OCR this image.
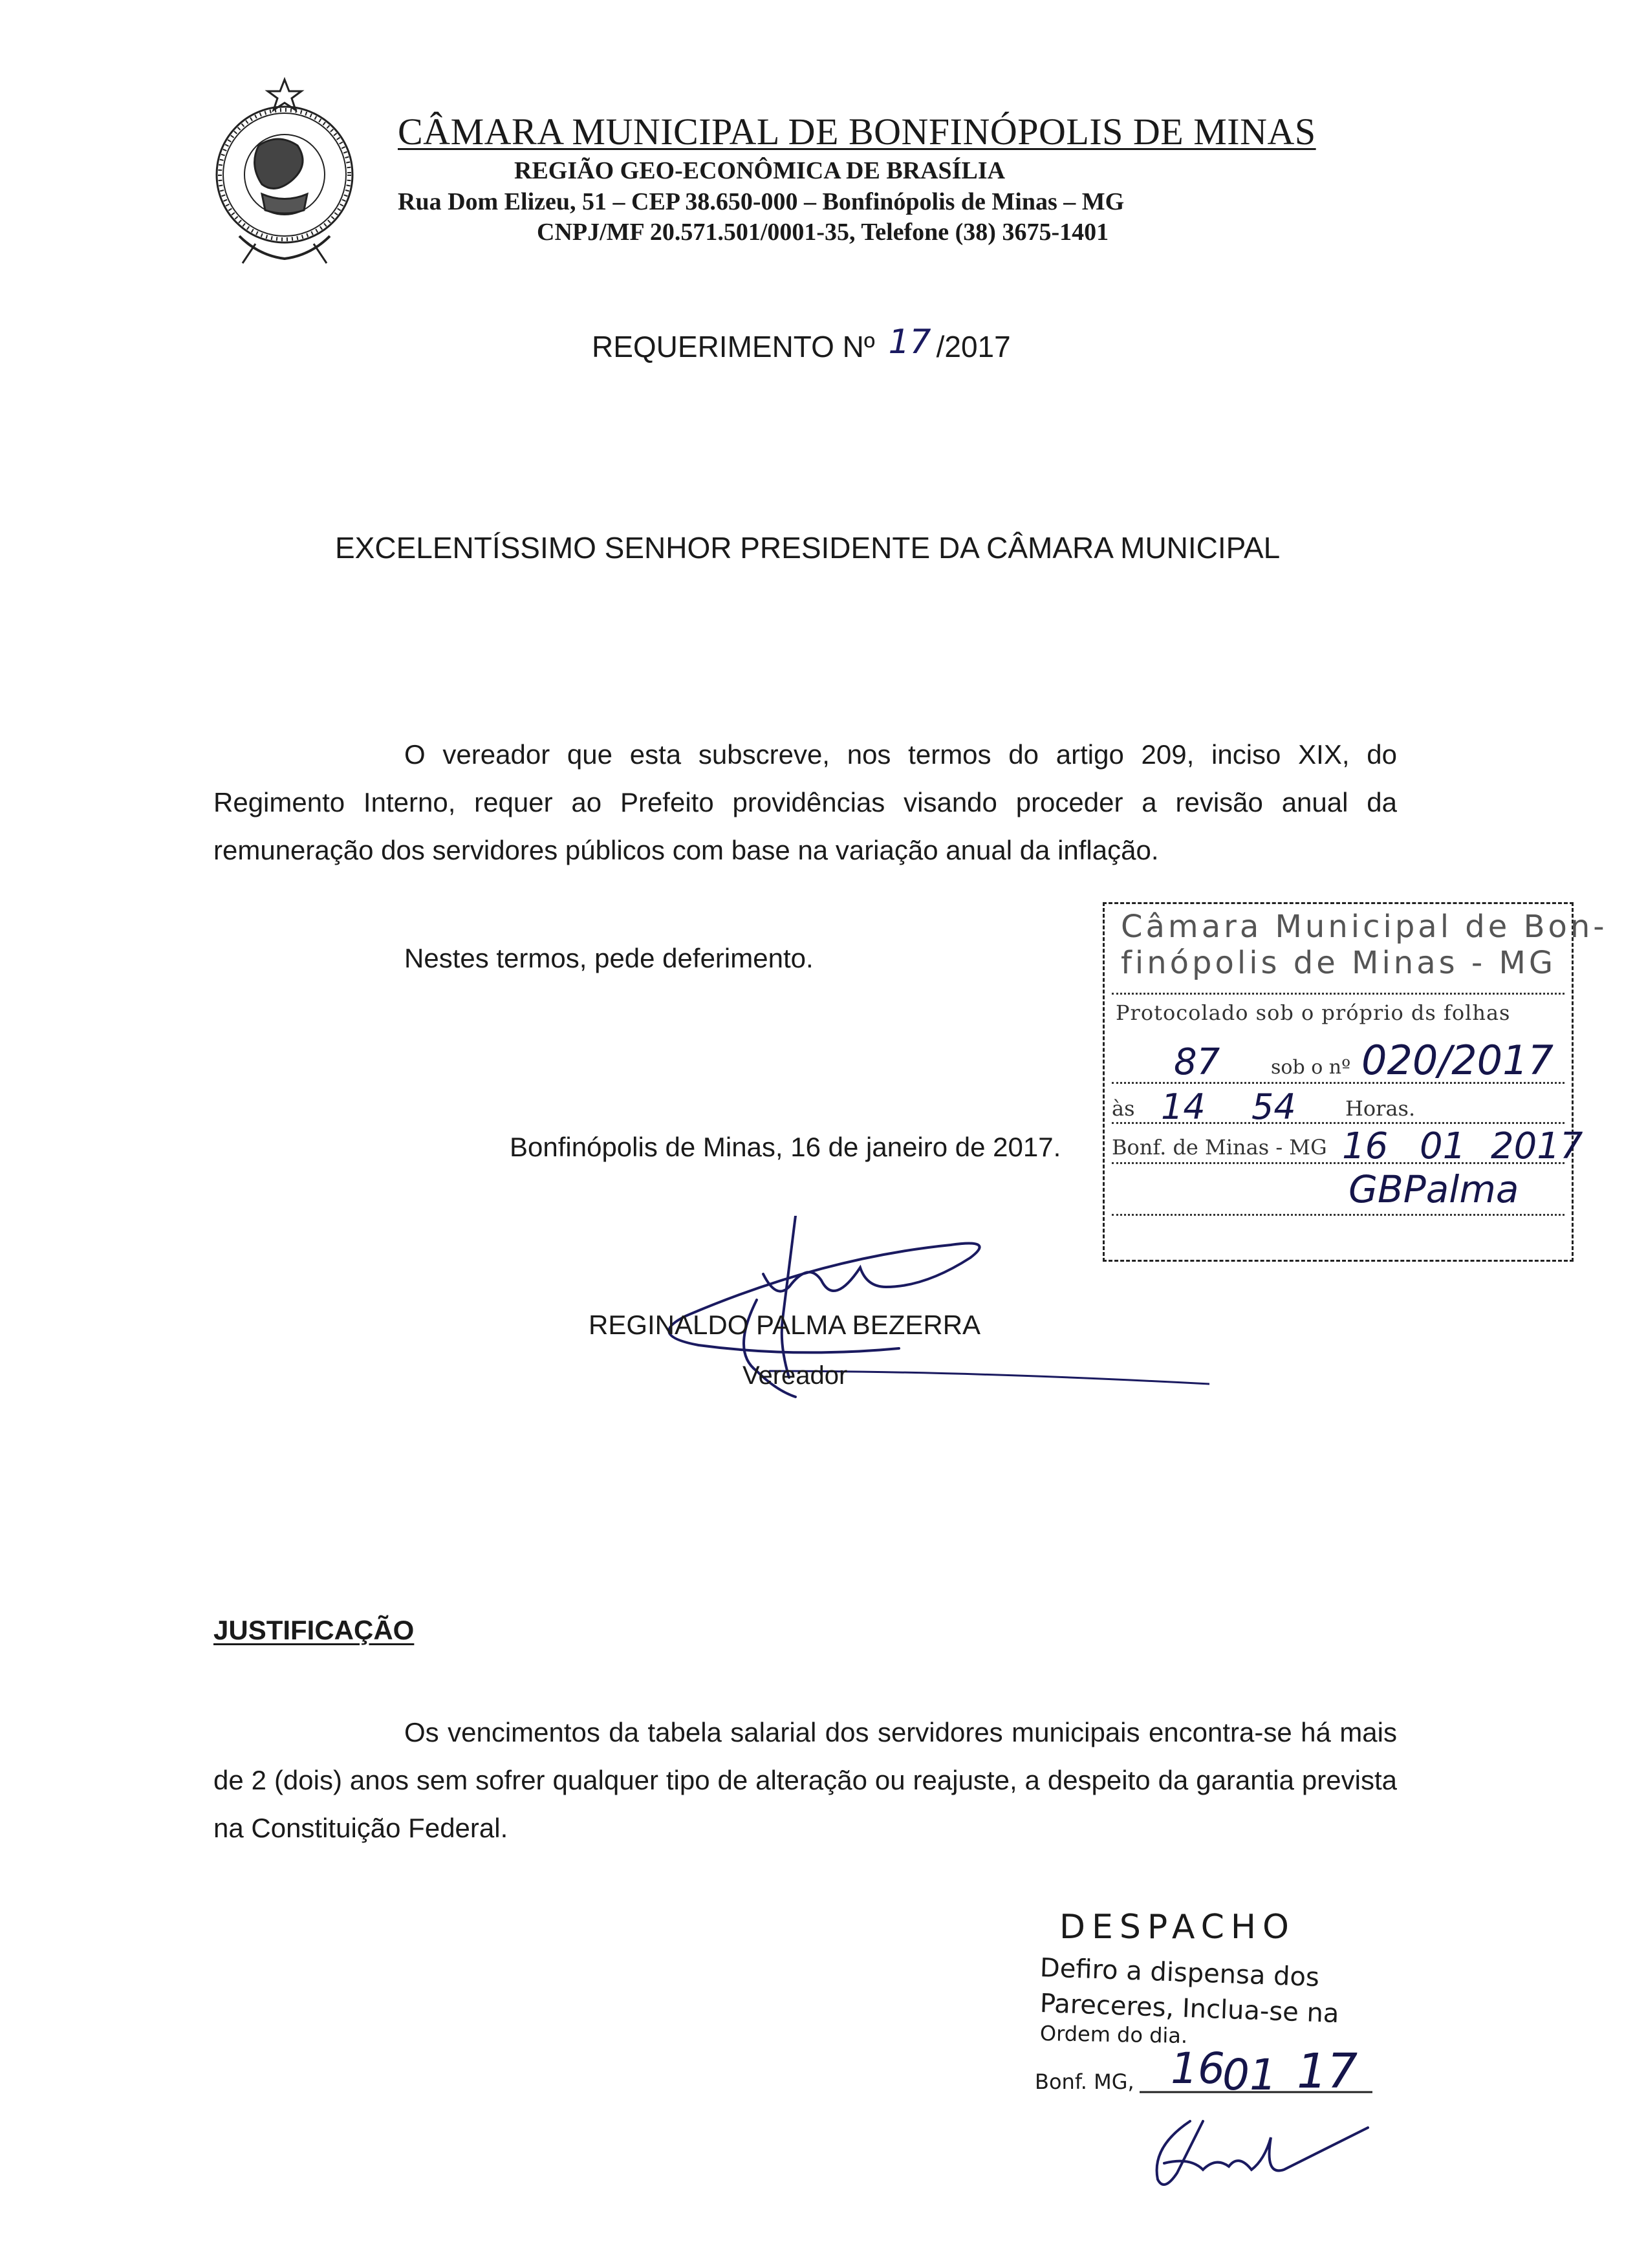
CÂMARA MUNICIPAL DE BONFINÓPOLIS DE MINAS
REGIÃO GEO-ECONÔMICA DE BRASÍLIA
Rua Dom Elizeu, 51 – CEP 38.650-000 – Bonfinópolis de Minas – MG
CNPJ/MF 20.571.501/0001-35, Telefone (38) 3675-1401
REQUERIMENTO Nº 17 /2017
EXCELENTÍSSIMO SENHOR PRESIDENTE DA CÂMARA MUNICIPAL
O vereador que esta subscreve, nos termos do artigo 209, inciso XIX, do Regimento Interno, requer ao Prefeito providências visando proceder a revisão anual da remuneração dos servidores públicos com base na variação anual da inflação.
Nestes termos, pede deferimento.
Bonfinópolis de Minas, 16 de janeiro de 2017.
REGINALDO PALMA BEZERRA
Vereador
JUSTIFICAÇÃO
Os vencimentos da tabela salarial dos servidores municipais encontra-se há mais de 2 (dois) anos sem sofrer qualquer tipo de alteração ou reajuste, a despeito da garantia prevista na Constituição Federal.
Câmara Municipal de Bon-
finópolis de Minas - MG
Protocolado sob o próprio ds folhas
sob o nº
87	020/2017
às 14 54 Horas.
Bonf. de Minas - MG 16 01 2017
GBPalma
DESPACHO
Defiro a dispensa dos
Pareceres, Inclua-se na
Ordem do dia.
Bonf. MG, 16
01 17
